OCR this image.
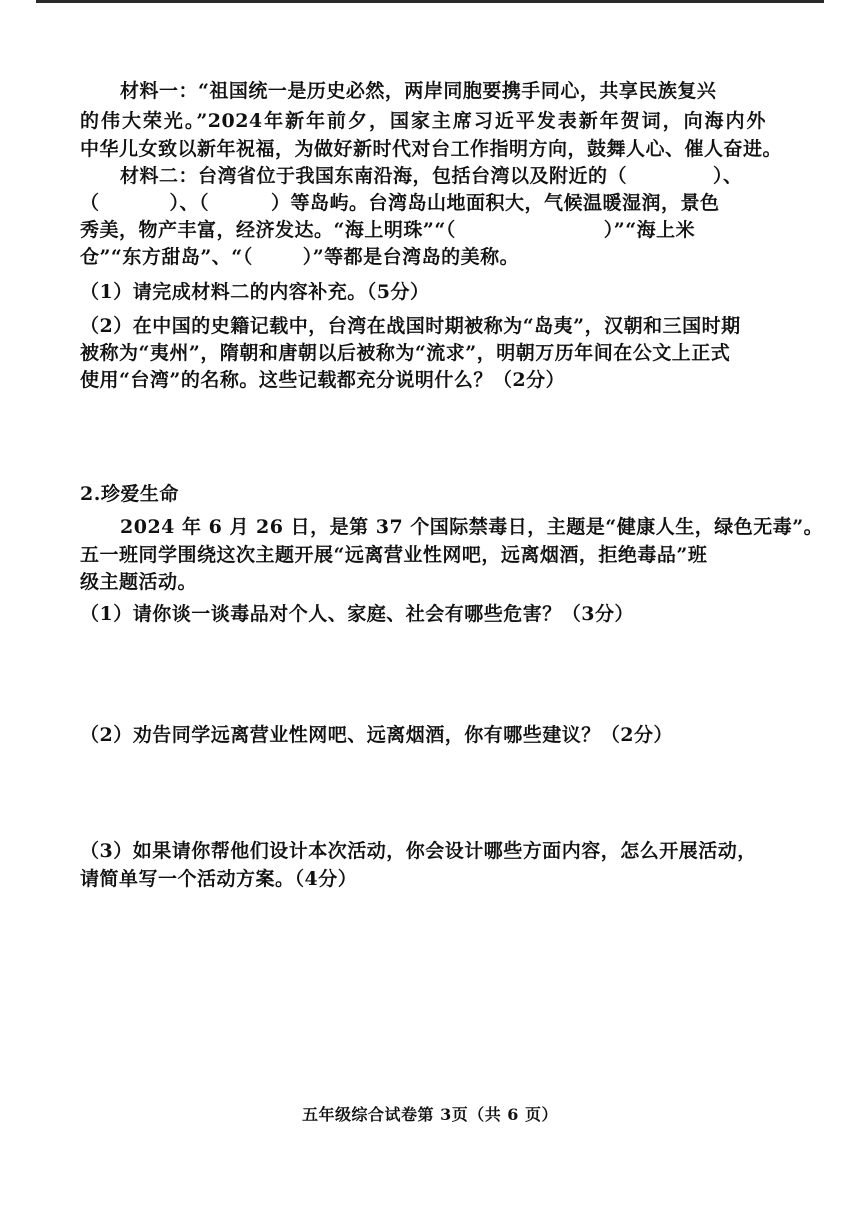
材料一：“祖国统一是历史必然，两岸同胞要携手同心，共享民族复兴
的伟大荣光。”2024年新年前夕，国家主席习近平发表新年贺词，向海内外
中华儿女致以新年祝福，为做好新时代对台工作指明方向，鼓舞人心、催人奋进。
材料二：台湾省位于我国东南沿海，包括台湾以及附近的（	）、
（	）、（	）等岛屿。台湾岛山地面积大，气候温暖湿润，景色
秀美，物产丰富，经济发达。“海上明珠”“（	）”“海上米
仓”“东方甜岛”、“（	）”等都是台湾岛的美称。
（1）请完成材料二的内容补充。（5分）
（2）在中国的史籍记载中，台湾在战国时期被称为“岛夷”，汉朝和三国时期
被称为“夷州”，隋朝和唐朝以后被称为“流求”，明朝万历年间在公文上正式
使用“台湾”的名称。这些记载都充分说明什么？（2分）
2.珍爱生命
2024 年 6 月 26 日，是第 37 个国际禁毒日，主题是“健康人生，绿色无毒”。
五一班同学围绕这次主题开展“远离营业性网吧，远离烟酒，拒绝毒品”班
级主题活动。
（1）请你谈一谈毒品对个人、家庭、社会有哪些危害？（3分）
（2）劝告同学远离营业性网吧、远离烟酒，你有哪些建议？（2分）
（3）如果请你帮他们设计本次活动，你会设计哪些方面内容，怎么开展活动，
请简单写一个活动方案。（4分）
五年级综合试卷第 3页（共 6 页）
